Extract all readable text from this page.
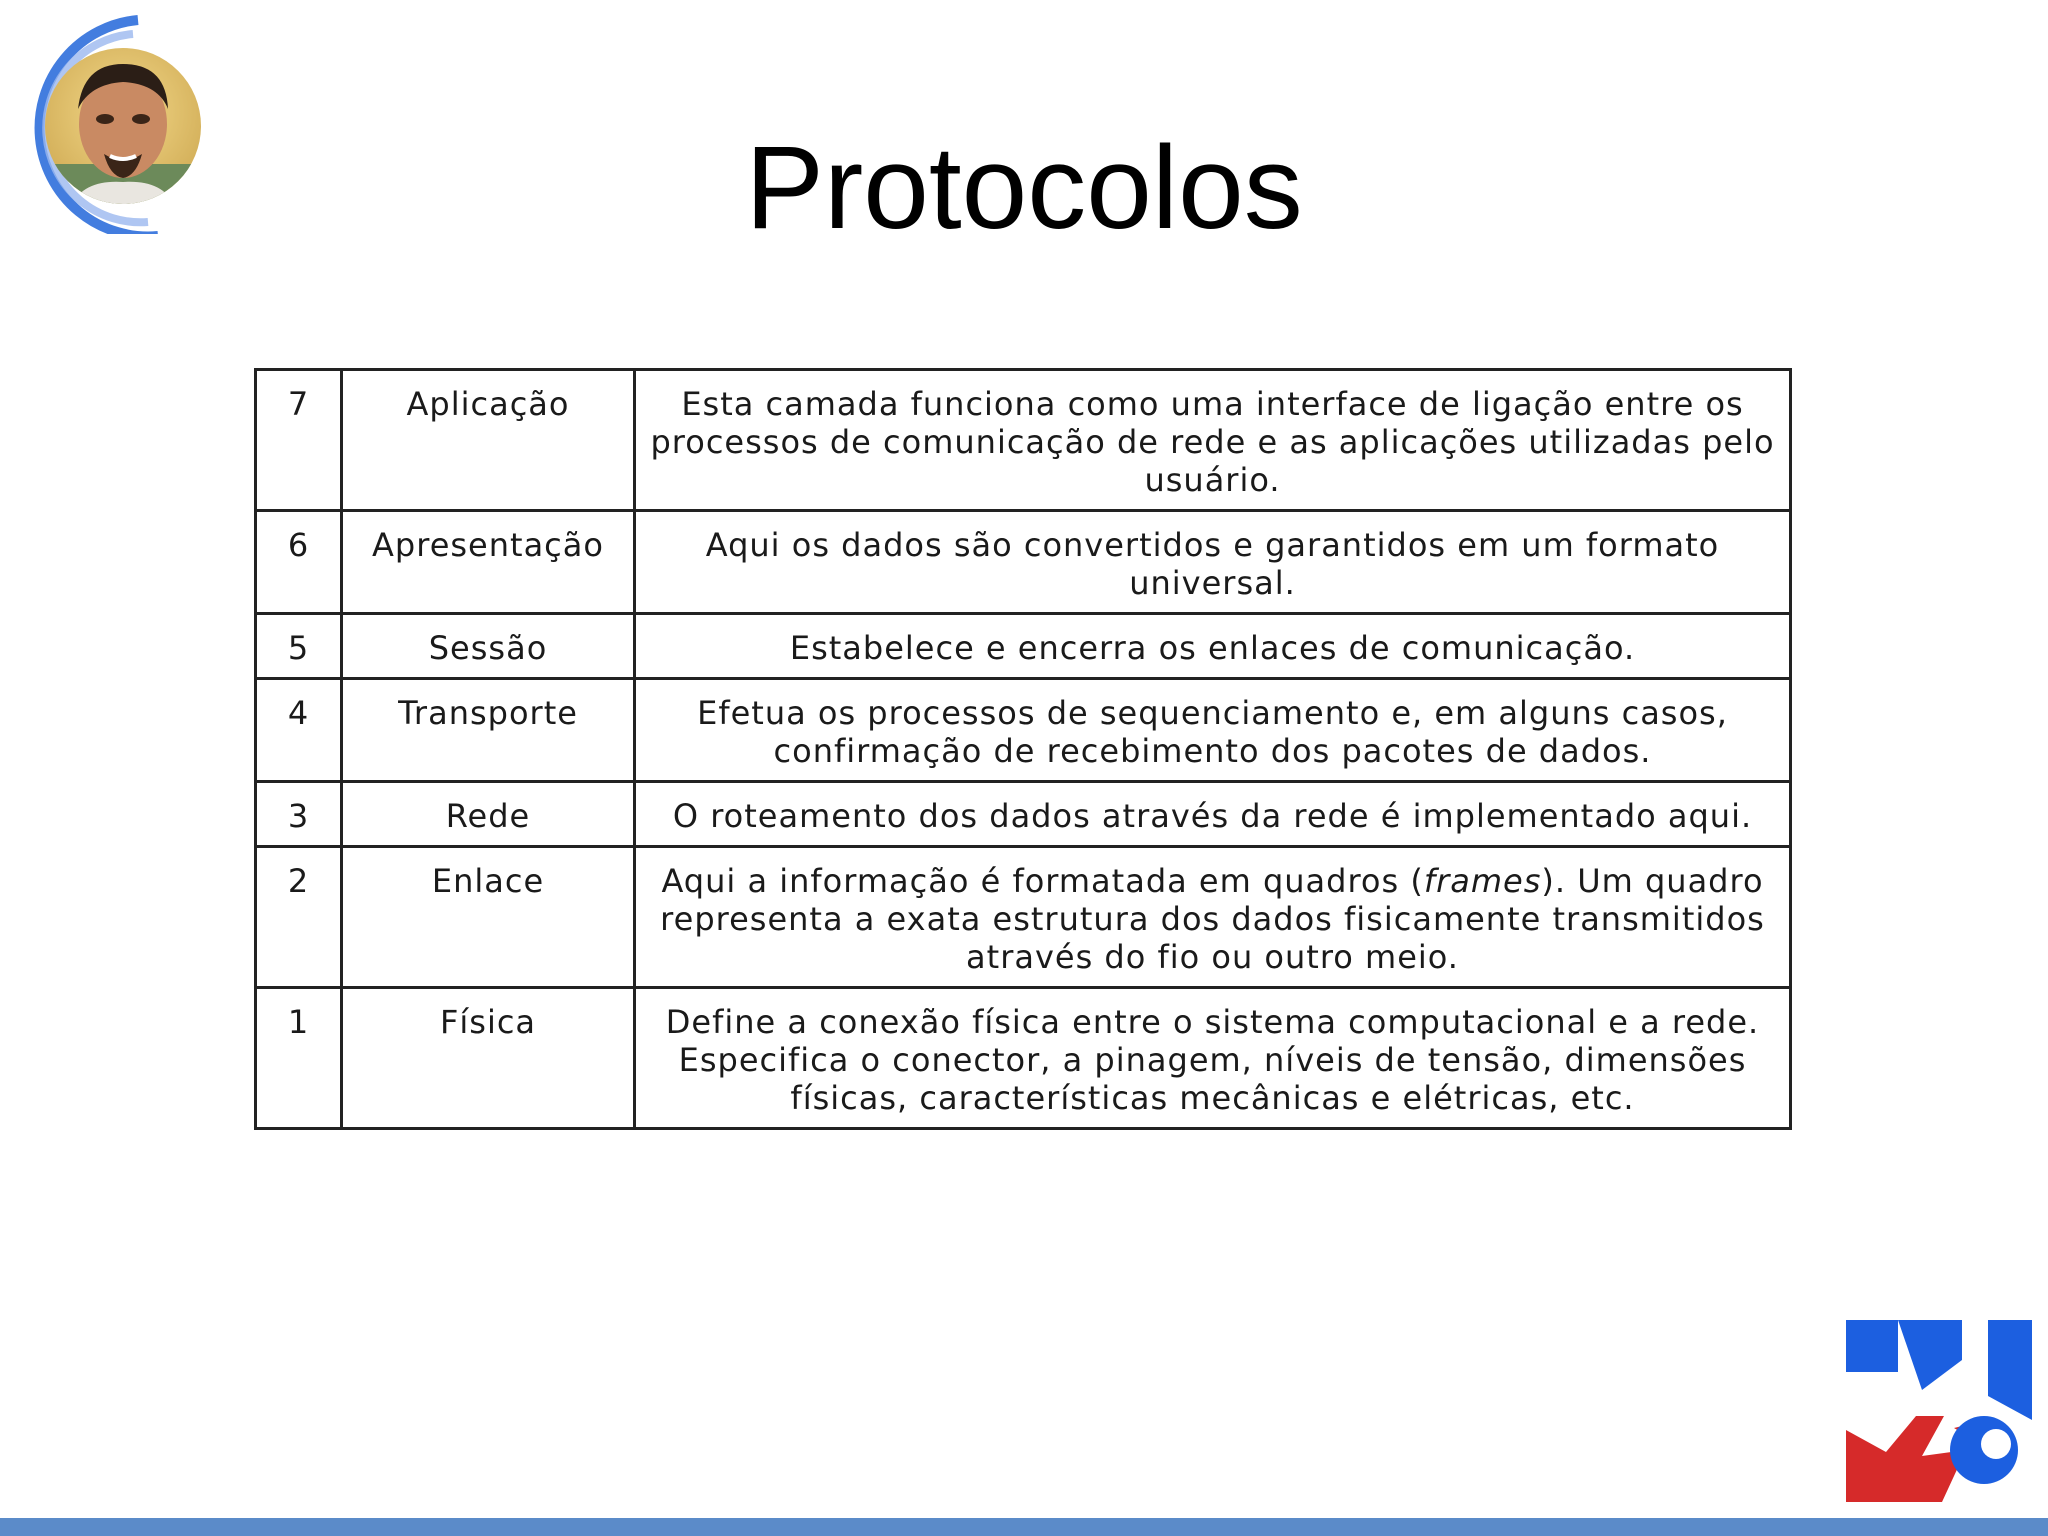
Protocolos
7	Aplicação	Esta camada funciona como uma interface de ligação entre os processos de comunicação de rede e as aplicações utilizadas pelo usuário.
6	Apresentação	Aqui os dados são convertidos e garantidos em um formato universal.
5	Sessão	Estabelece e encerra os enlaces de comunicação.
4	Transporte	Efetua os processos de sequenciamento e, em alguns casos, confirmação de recebimento dos pacotes de dados.
3	Rede	O roteamento dos dados através da rede é implementado aqui.
2	Enlace	Aqui a informação é formatada em quadros (frames). Um quadro representa a exata estrutura dos dados fisicamente transmitidos através do fio ou outro meio.
1	Física	Define a conexão física entre o sistema computacional e a rede. Especifica o conector, a pinagem, níveis de tensão, dimensões físicas, características mecânicas e elétricas, etc.
